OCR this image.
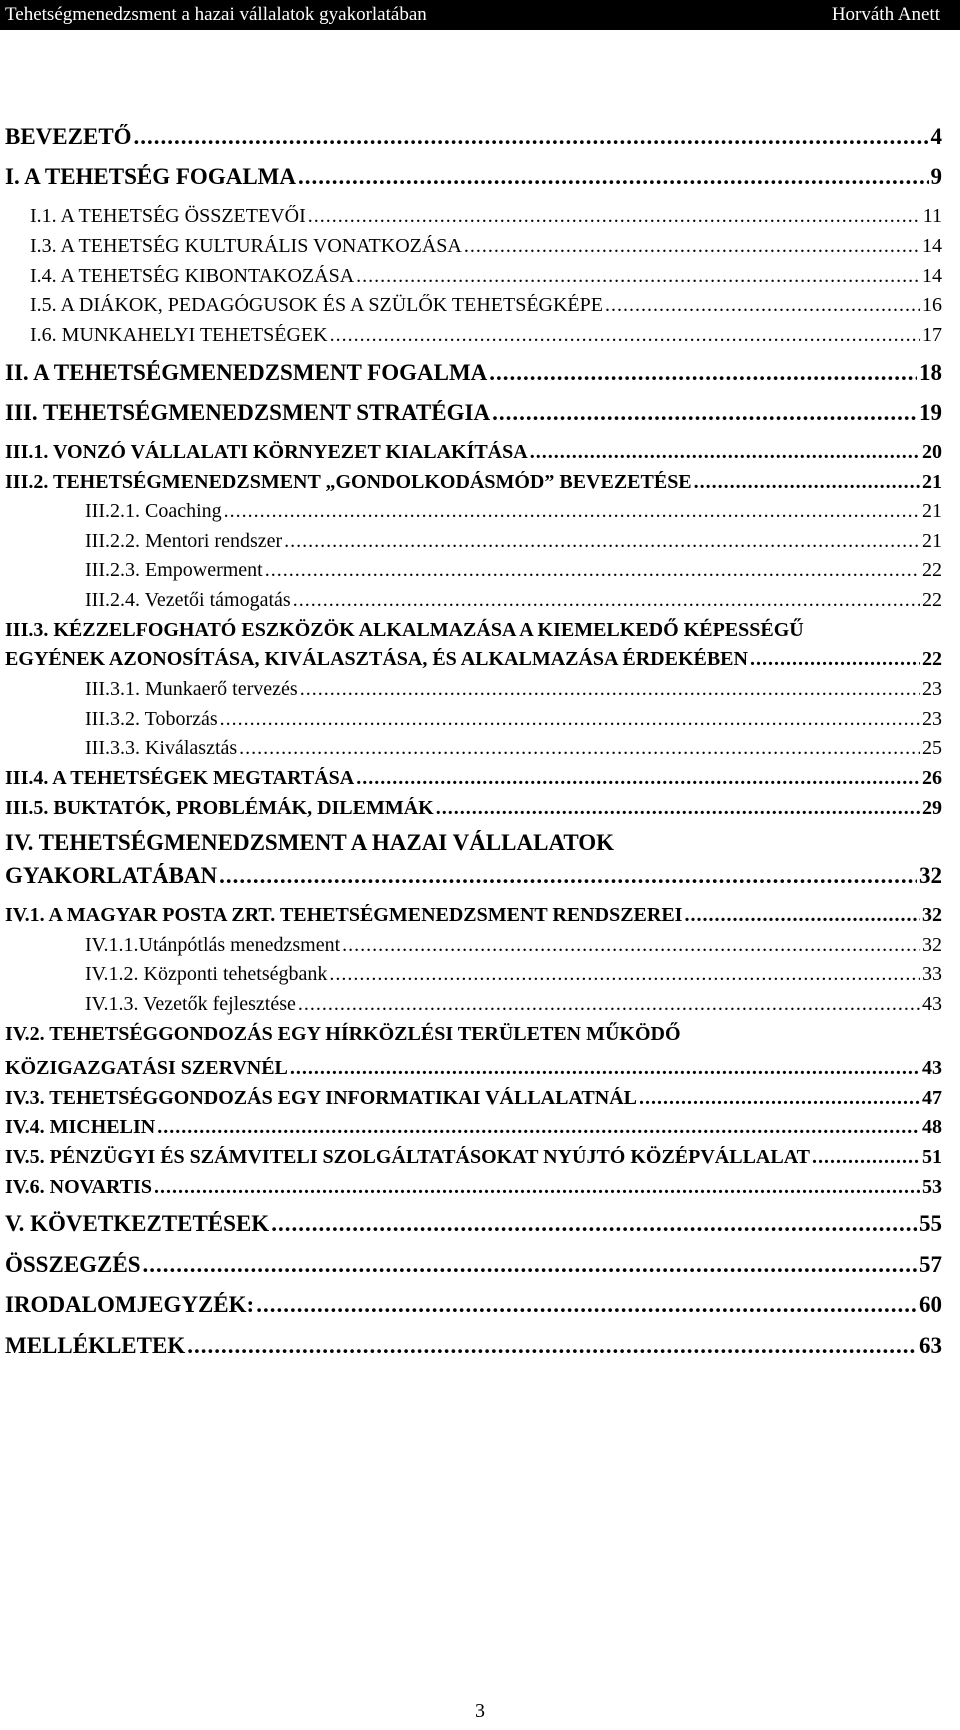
Tehetségmenedzsment a hazai vállalatok gyakorlatában	Horváth Anett
BEVEZETŐ .....	4
I. A TEHETSÉG FOGALMA .....	9
I.1. A TEHETSÉG ÖSSZETEVŐI .....	11
I.3. A TEHETSÉG KULTURÁLIS VONATKOZÁSA .....	14
I.4. A TEHETSÉG KIBONTAKOZÁSA .....	14
I.5. A DIÁKOK, PEDAGÓGUSOK ÉS A SZÜLŐK TEHETSÉGKÉPE .....	16
I.6. MUNKAHELYI TEHETSÉGEK .....	17
II. A TEHETSÉGMENEDZSMENT FOGALMA .....	18
III. TEHETSÉGMENEDZSMENT STRATÉGIA .....	19
III.1. VONZÓ VÁLLALATI KÖRNYEZET KIALAKÍTÁSA .....	20
III.2. TEHETSÉGMENEDZSMENT „GONDOLKODÁSMÓD” BEVEZETÉSE .....	21
III.2.1. Coaching .....	21
III.2.2. Mentori rendszer .....	21
III.2.3. Empowerment .....	22
III.2.4. Vezetői támogatás .....	22
III.3. KÉZZELFOGHATÓ ESZKÖZÖK ALKALMAZÁSA A KIEMELKEDŐ KÉPESSÉGŰ
EGYÉNEK AZONOSÍTÁSA, KIVÁLASZTÁSA, ÉS ALKALMAZÁSA ÉRDEKÉBEN .....	22
III.3.1. Munkaerő tervezés .....	23
III.3.2. Toborzás .....	23
III.3.3. Kiválasztás .....	25
III.4. A TEHETSÉGEK MEGTARTÁSA .....	26
III.5. BUKTATÓK, PROBLÉMÁK, DILEMMÁK .....	29
IV. TEHETSÉGMENEDZSMENT A HAZAI VÁLLALATOK
GYAKORLATÁBAN .....	32
IV.1. A MAGYAR POSTA ZRT. TEHETSÉGMENEDZSMENT RENDSZEREI .....	32
IV.1.1.Utánpótlás menedzsment .....	32
IV.1.2. Központi tehetségbank .....	33
IV.1.3. Vezetők fejlesztése .....	43
IV.2. TEHETSÉGGONDOZÁS EGY HÍRKÖZLÉSI TERÜLETEN MŰKÖDŐ
KÖZIGAZGATÁSI SZERVNÉL .....	43
IV.3. TEHETSÉGGONDOZÁS EGY INFORMATIKAI VÁLLALATNÁL .....	47
IV.4. MICHELIN .....	48
IV.5. PÉNZÜGYI ÉS SZÁMVITELI SZOLGÁLTATÁSOKAT NYÚJTÓ KÖZÉPVÁLLALAT .....	51
IV.6. NOVARTIS .....	53
V. KÖVETKEZTETÉSEK .....	55
ÖSSZEGZÉS .....	57
IRODALOMJEGYZÉK: .....	60
MELLÉKLETEK .....	63
3
